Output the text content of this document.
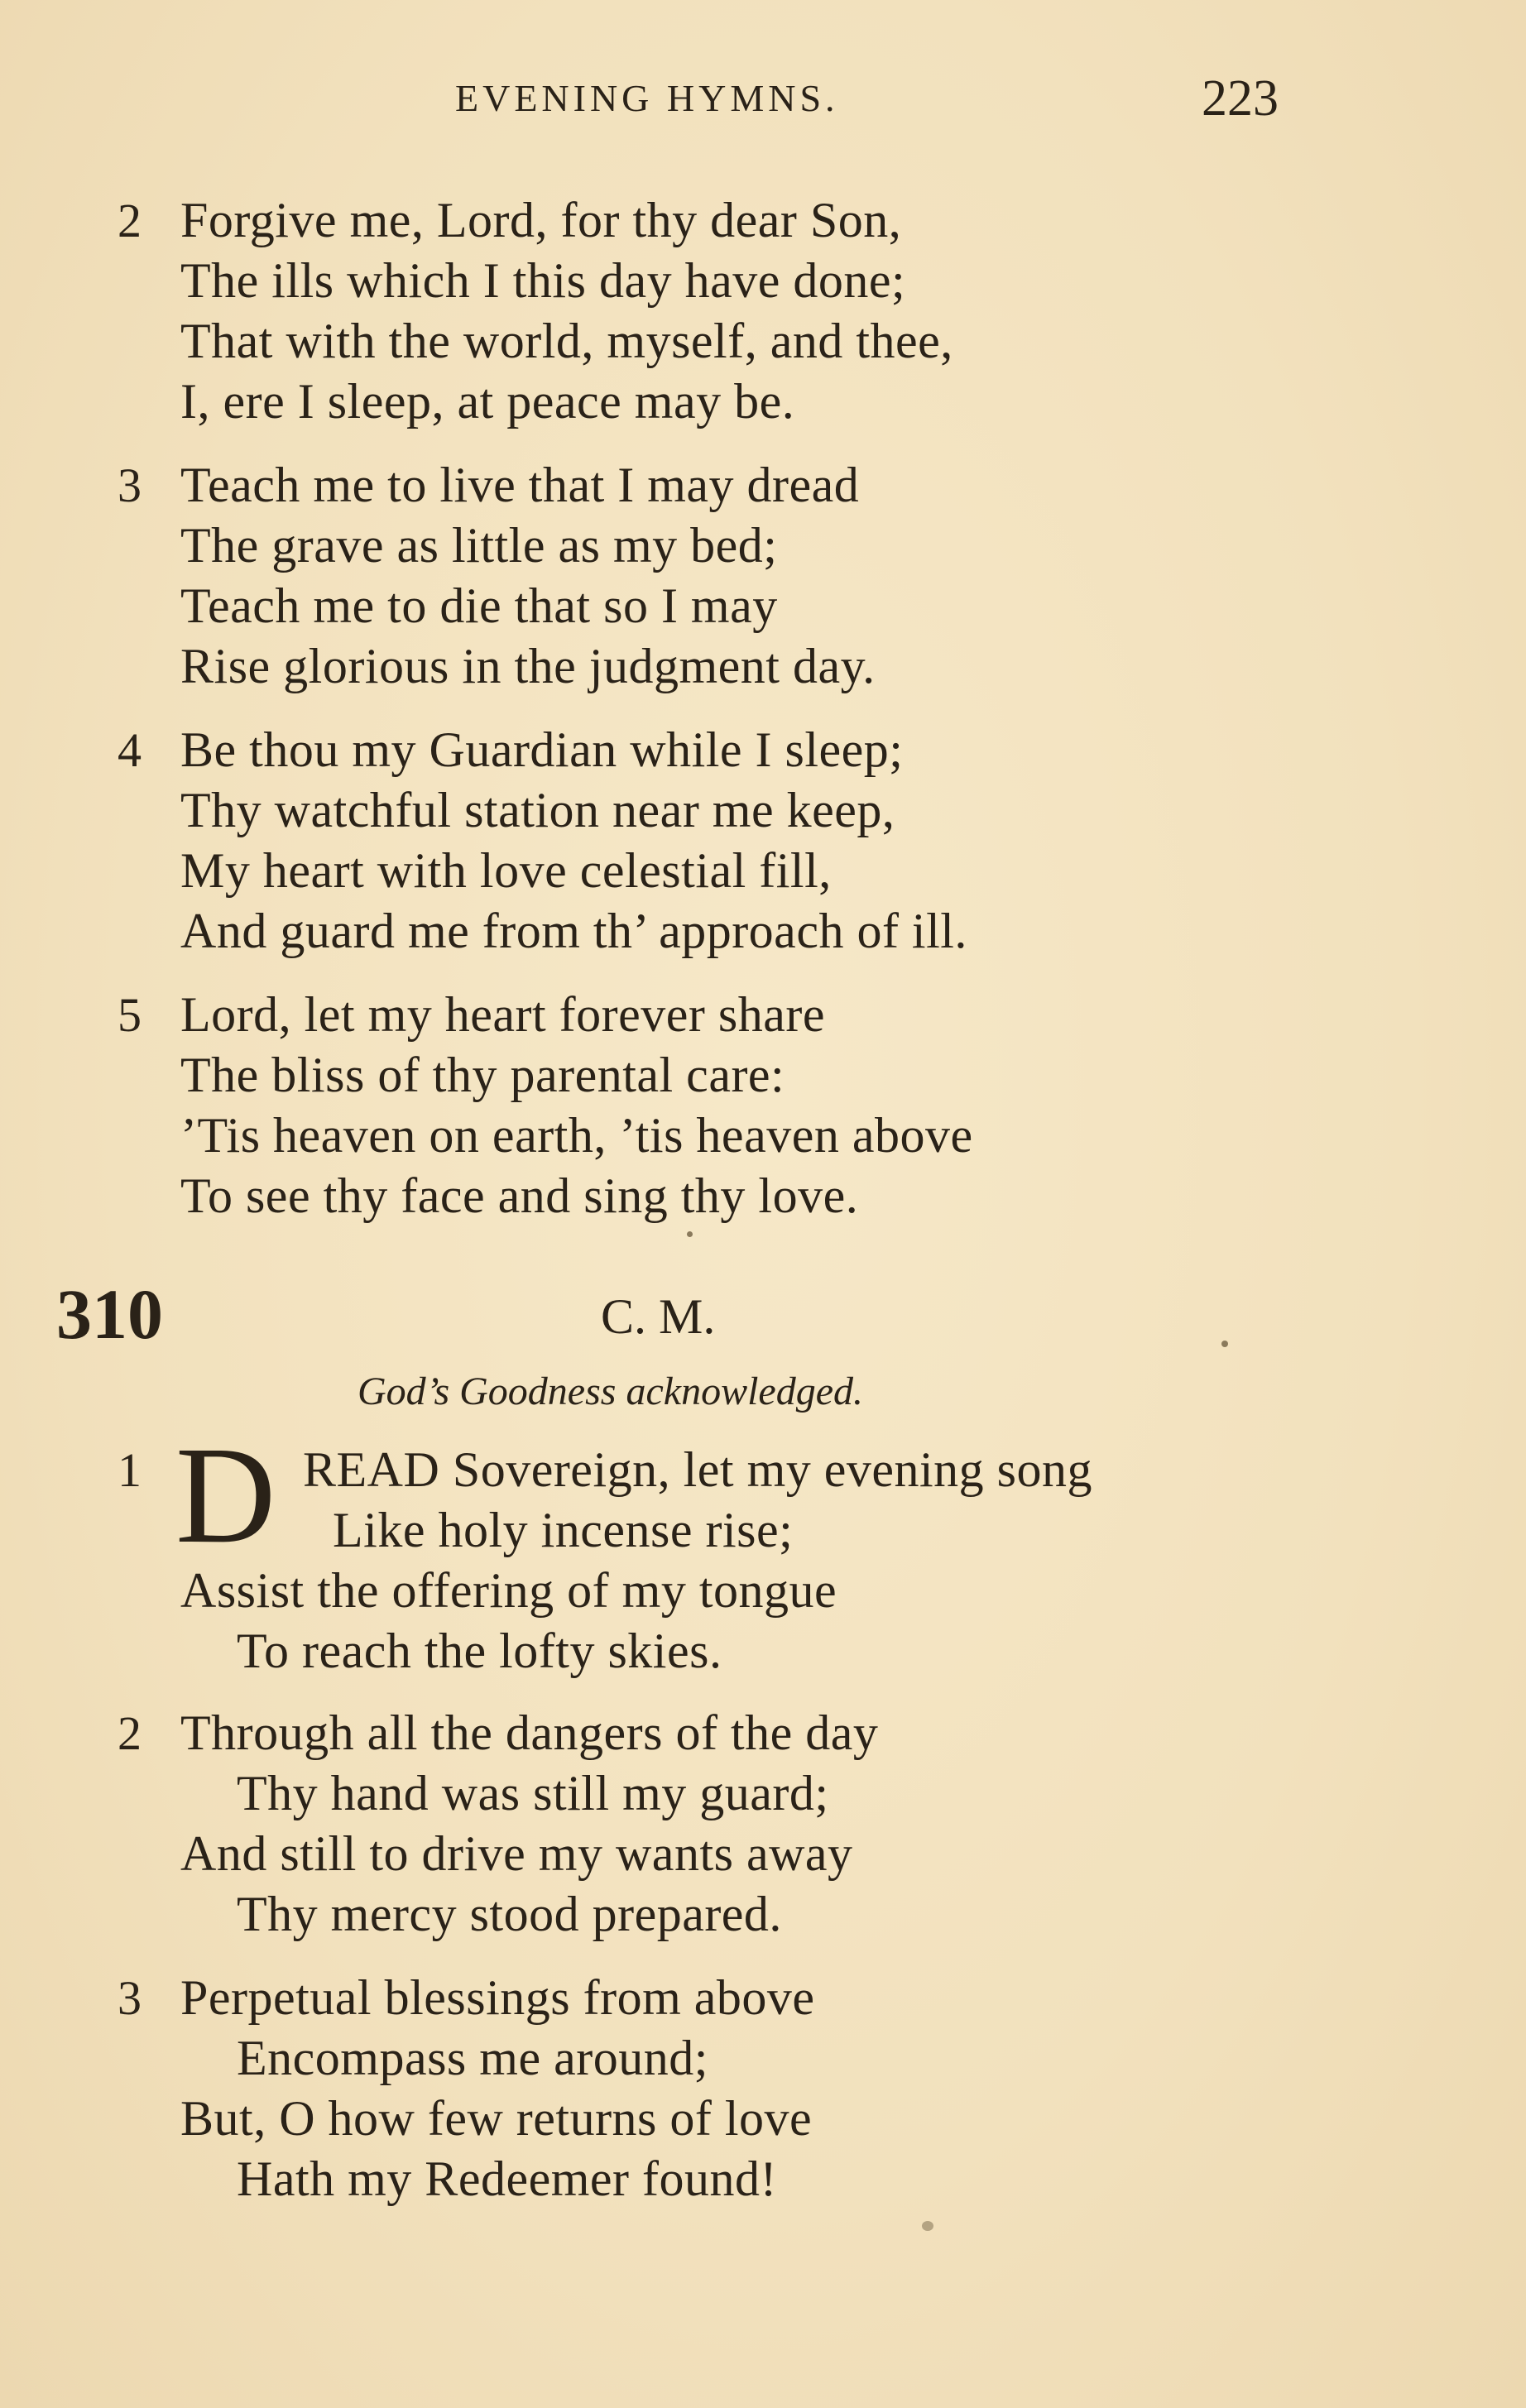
EVENING HYMNS.	223
2 Forgive me, Lord, for thy dear Son,
The ills which I this day have done;
That with the world, myself, and thee,
I, ere I sleep, at peace may be.
3 Teach me to live that I may dread
The grave as little as my bed;
Teach me to die that so I may
Rise glorious in the judgment day.
4 Be thou my Guardian while I sleep;
Thy watchful station near me keep,
My heart with love celestial fill,
And guard me from th’ approach of ill.
5 Lord, let my heart forever share
The bliss of thy parental care:
’Tis heaven on earth, ’tis heaven above
To see thy face and sing thy love.
310	C. M.
God’s Goodness acknowledged.
1	READ Sovereign, let my evening song
Like holy incense rise;
Assist the offering of my tongue
To reach the lofty skies.
D
2 Through all the dangers of the day
Thy hand was still my guard;
And still to drive my wants away
Thy mercy stood prepared.
3 Perpetual blessings from above
Encompass me around;
But, O how few returns of love
Hath my Redeemer found!
